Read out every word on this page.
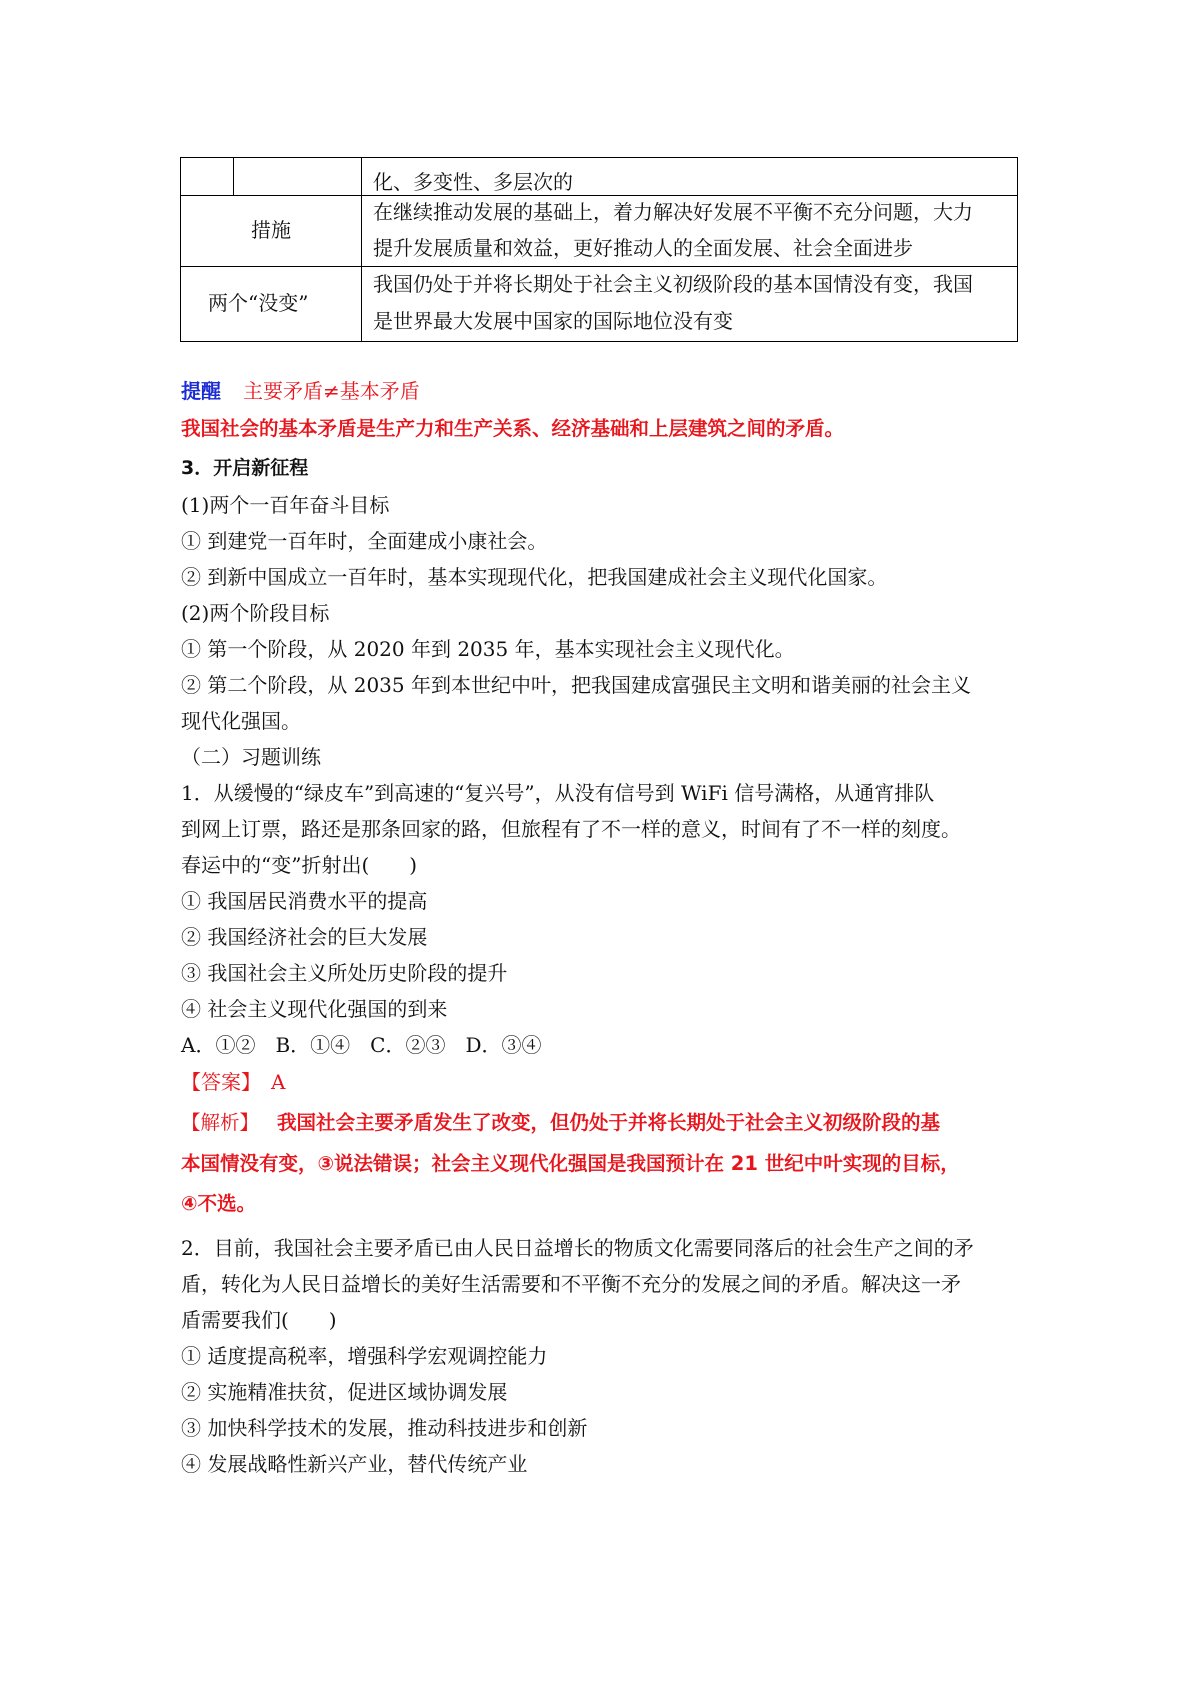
化、多变性、多层次的
措施
在继续推动发展的基础上，着力解决好发展不平衡不充分问题，大力
提升发展质量和效益，更好推动人的全面发展、社会全面进步
两个“没变”
我国仍处于并将长期处于社会主义初级阶段的基本国情没有变，我国
是世界最大发展中国家的国际地位没有变
提醒 主要矛盾≠基本矛盾
我国社会的基本矛盾是生产力和生产关系、经济基础和上层建筑之间的矛盾。
3．开启新征程
(1)两个一百年奋斗目标
① 到建党一百年时，全面建成小康社会。
② 到新中国成立一百年时，基本实现现代化，把我国建成社会主义现代化国家。
(2)两个阶段目标
① 第一个阶段，从 2020 年到 2035 年，基本实现社会主义现代化。
② 第二个阶段，从 2035 年到本世纪中叶，把我国建成富强民主文明和谐美丽的社会主义
现代化强国。
（二）习题训练
1．从缓慢的“绿皮车”到高速的“复兴号”，从没有信号到 WiFi 信号满格，从通宵排队
到网上订票，路还是那条回家的路，但旅程有了不一样的意义，时间有了不一样的刻度。
春运中的“变”折射出(　　)
① 我国居民消费水平的提高
② 我国经济社会的巨大发展
③ 我国社会主义所处历史阶段的提升
④ 社会主义现代化强国的到来
A．①②　B．①④　C．②③　D．③④
【答案】 A
【解析】 我国社会主要矛盾发生了改变，但仍处于并将长期处于社会主义初级阶段的基
本国情没有变，③说法错误；社会主义现代化强国是我国预计在 21 世纪中叶实现的目标，
④不选。
2．目前，我国社会主要矛盾已由人民日益增长的物质文化需要同落后的社会生产之间的矛
盾，转化为人民日益增长的美好生活需要和不平衡不充分的发展之间的矛盾。解决这一矛
盾需要我们(　　)
① 适度提高税率，增强科学宏观调控能力
② 实施精准扶贫，促进区域协调发展
③ 加快科学技术的发展，推动科技进步和创新
④ 发展战略性新兴产业，替代传统产业
